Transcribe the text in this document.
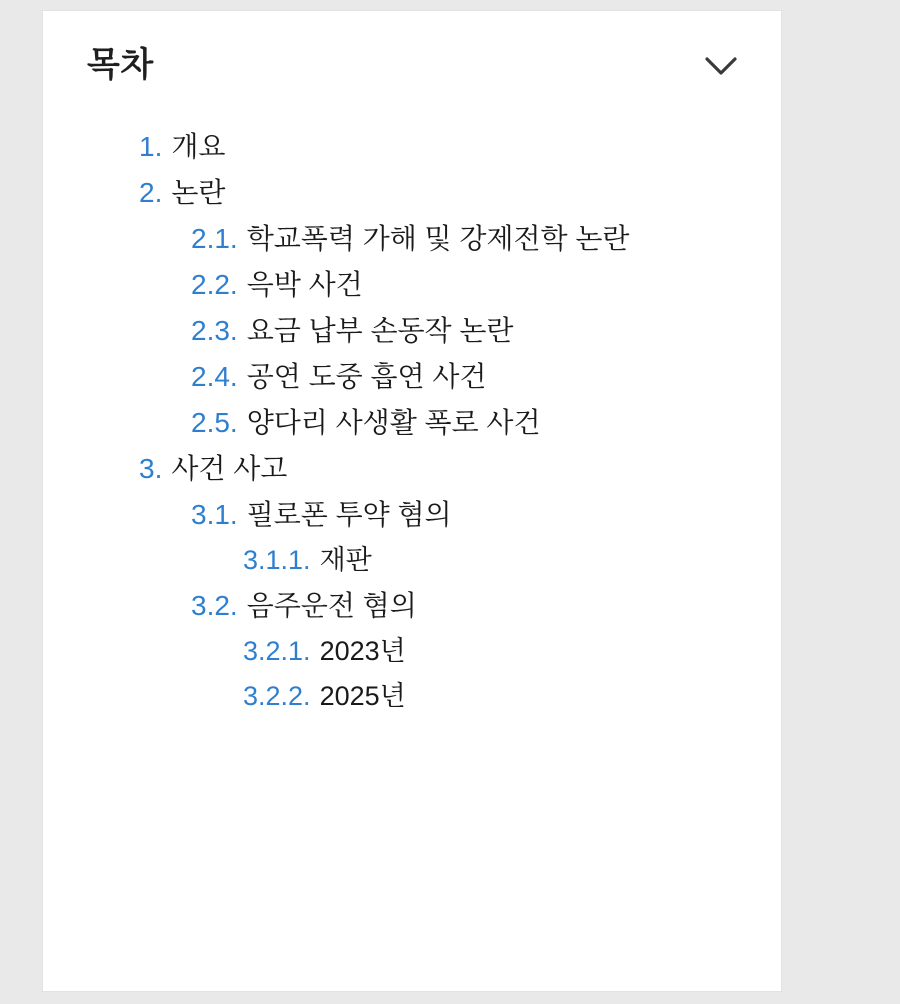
목차
1. 개요
2. 논란
2.1. 학교폭력 가해 및 강제전학 논란
2.2. 윽박 사건
2.3. 요금 납부 손동작 논란
2.4. 공연 도중 흡연 사건
2.5. 양다리 사생활 폭로 사건
3. 사건 사고
3.1. 필로폰 투약 혐의
3.1.1. 재판
3.2. 음주운전 혐의
3.2.1. 2023년
3.2.2. 2025년
